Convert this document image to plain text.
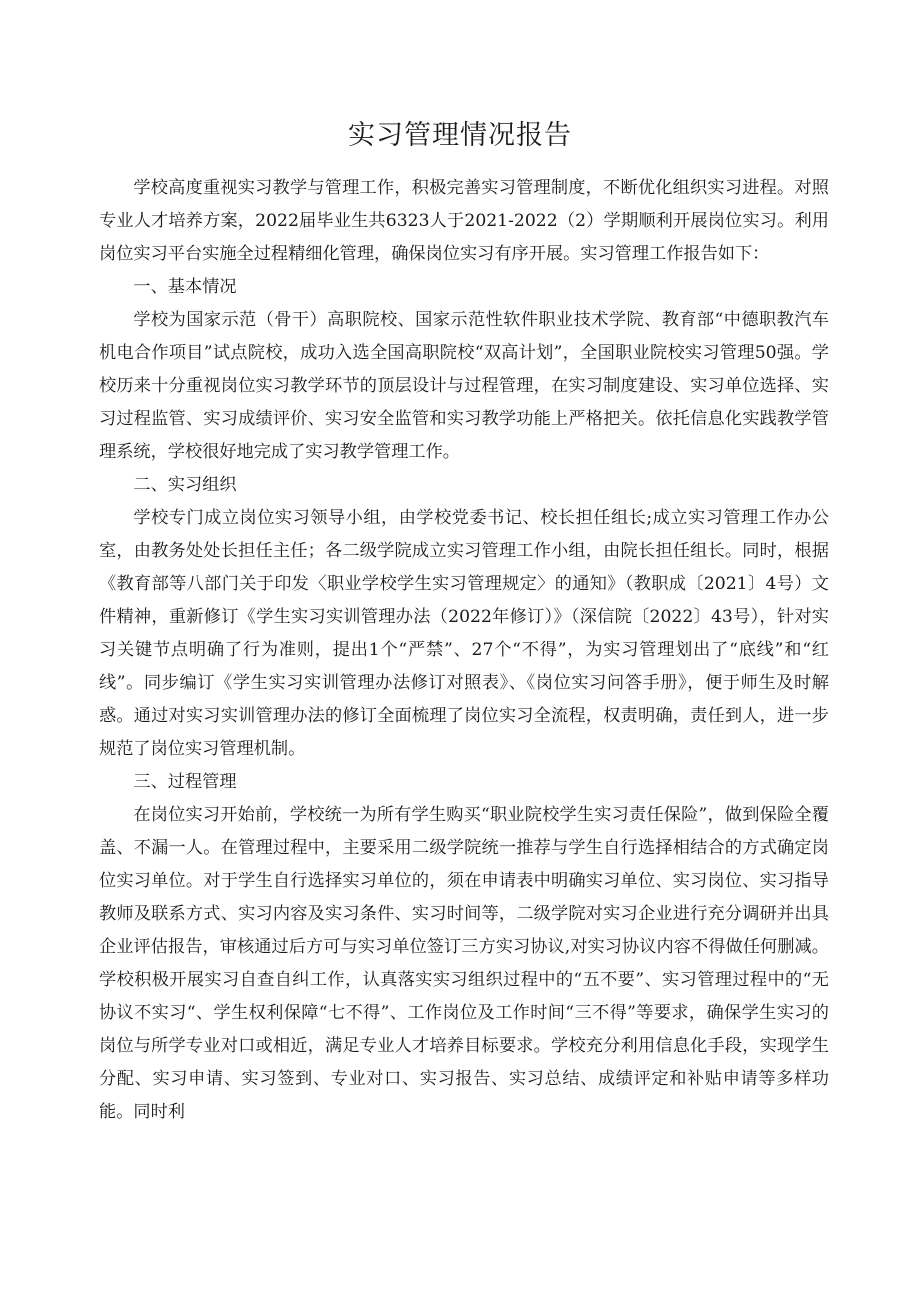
实习管理情况报告

学校高度重视实习教学与管理工作，积极完善实习管理制度，不断优化组织实习进程。对照专业人才培养方案，2022届毕业生共6323人于2021-2022（2）学期顺利开展岗位实习。利用岗位实习平台实施全过程精细化管理，确保岗位实习有序开展。实习管理工作报告如下：

一、基本情况

学校为国家示范（骨干）高职院校、国家示范性软件职业技术学院、教育部“中德职教汽车机电合作项目”试点院校，成功入选全国高职院校“双高计划”，全国职业院校实习管理50强。学校历来十分重视岗位实习教学环节的顶层设计与过程管理，在实习制度建设、实习单位选择、实习过程监管、实习成绩评价、实习安全监管和实习教学功能上严格把关。依托信息化实践教学管理系统，学校很好地完成了实习教学管理工作。

二、实习组织

学校专门成立岗位实习领导小组，由学校党委书记、校长担任组长;成立实习管理工作办公室，由教务处处长担任主任；各二级学院成立实习管理工作小组，由院长担任组长。同时，根据《教育部等八部门关于印发〈职业学校学生实习管理规定〉的通知》（教职成〔2021〕4号）文件精神，重新修订《学生实习实训管理办法（2022年修订）》（深信院〔2022〕43号），针对实习关键节点明确了行为准则，提出1个“严禁”、27个“不得”，为实习管理划出了“底线”和“红线”。同步编订《学生实习实训管理办法修订对照表》、《岗位实习问答手册》，便于师生及时解惑。通过对实习实训管理办法的修订全面梳理了岗位实习全流程，权责明确，责任到人，进一步规范了岗位实习管理机制。

三、过程管理

在岗位实习开始前，学校统一为所有学生购买“职业院校学生实习责任保险”，做到保险全覆盖、不漏一人。在管理过程中，主要采用二级学院统一推荐与学生自行选择相结合的方式确定岗位实习单位。对于学生自行选择实习单位的，须在申请表中明确实习单位、实习岗位、实习指导教师及联系方式、实习内容及实习条件、实习时间等，二级学院对实习企业进行充分调研并出具企业评估报告，审核通过后方可与实习单位签订三方实习协议,对实习协议内容不得做任何删减。学校积极开展实习自查自纠工作，认真落实实习组织过程中的“五不要”、实习管理过程中的“无协议不实习“、学生权利保障“七不得”、工作岗位及工作时间“三不得”等要求，确保学生实习的岗位与所学专业对口或相近，满足专业人才培养目标要求。学校充分利用信息化手段，实现学生分配、实习申请、实习签到、专业对口、实习报告、实习总结、成绩评定和补贴申请等多样功能。同时利
